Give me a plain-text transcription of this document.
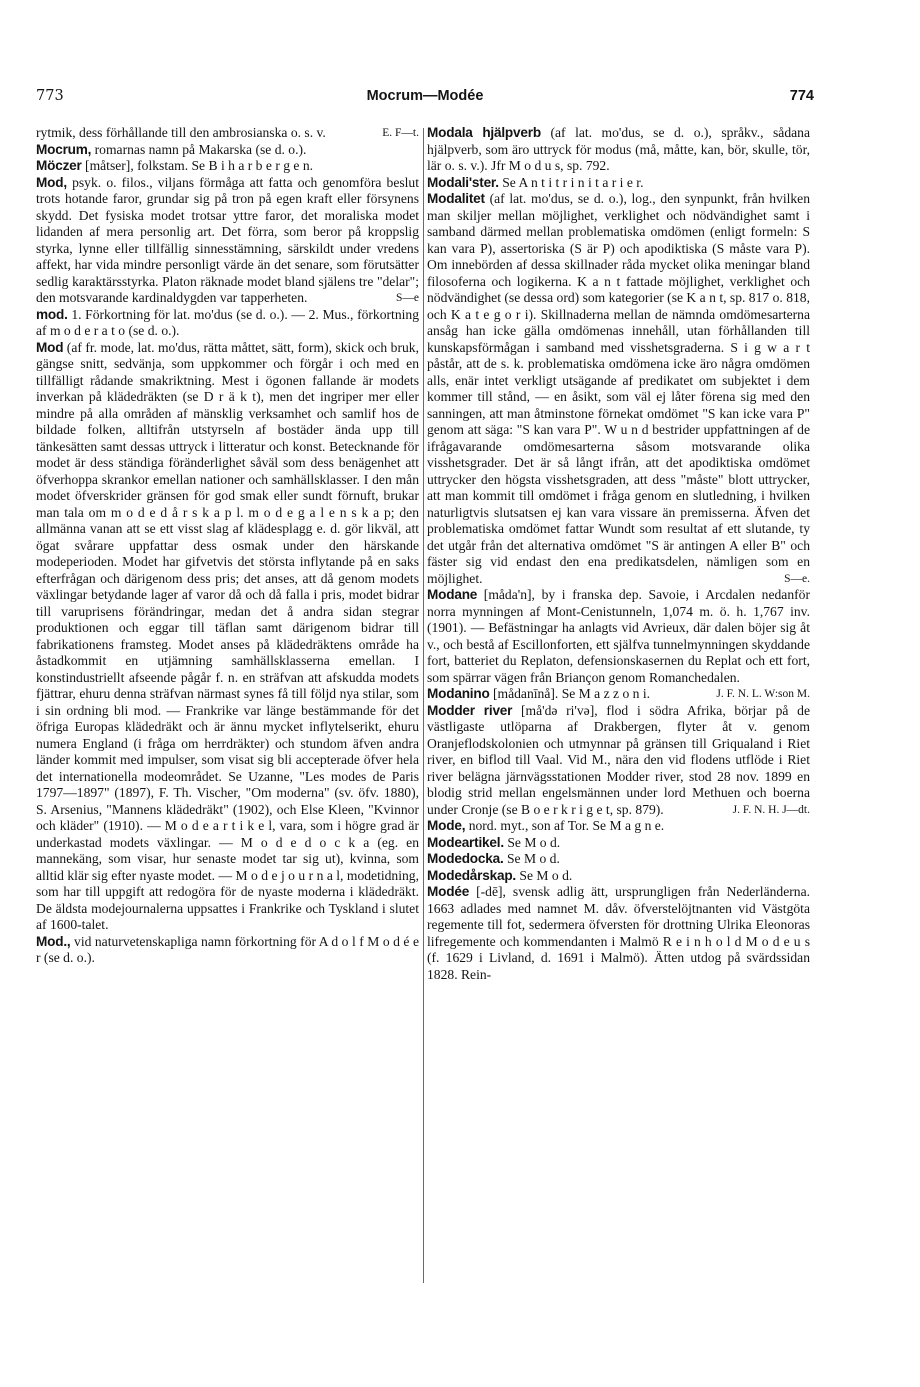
Mocrum—Modée
773	774

E. F—t.
rytmik, dess förhållande till den ambrosianska o. s. v.

Mocrum, romarnas namn på Makarska (se d. o.).

Möczer [måtser], folkstam. Se B i h a r b e r g e n.

Mod, psyk. o. filos., viljans förmåga att fatta och genomföra beslut trots hotande faror, grundar sig på tron på egen kraft eller försynens skydd. Det fysiska modet trotsar yttre faror, det moraliska modet lidanden af mera personlig art. Det förra, som beror på kroppslig styrka, lynne eller tillfällig sinnesstämning, särskildt under vredens affekt, har vida mindre personligt värde än det senare, som förutsätter sedlig karaktärsstyrka. Platon räknade modet bland själens tre "delar"; den motsvarande kardinaldygden var tapperheten.	S—e

mod. 1. Förkortning för lat. mo'dus (se d. o.). — 2. Mus., förkortning af m o d e r a t o (se d. o.).

Mod (af fr. mode, lat. mo'dus, rätta måttet, sätt, form), skick och bruk, gängse snitt, sedvänja, som uppkommer och förgår i och med en tillfälligt rådande smakriktning. Mest i ögonen fallande är modets inverkan på klädedräkten (se D r ä k t), men det ingriper mer eller mindre på alla områden af mänsklig verksamhet och samlif hos de bildade folken, alltifrån utstyrseln af bostäder ända upp till tänkesätten samt dessas uttryck i litteratur och konst. Betecknande för modet är dess ständiga föränderlighet såväl som dess benägenhet att öfverhoppa skrankor emellan nationer och samhällsklasser. I den mån modet öfverskrider gränsen för god smak eller sundt förnuft, brukar man tala om m o d e d å r s k a p l. m o d e g a l e n s k a p; den allmänna vanan att se ett visst slag af klädesplagg e. d. gör likväl, att ögat svårare uppfattar dess osmak under den härskande modeperioden. Modet har gifvetvis det största inflytande på en saks efterfrågan och därigenom dess pris; det anses, att då genom modets växlingar betydande lager af varor då och då falla i pris, modet bidrar till varuprisens förändringar, medan det å andra sidan stegrar produktionen och eggar till täflan samt därigenom bidrar till fabrikationens framsteg. Modet anses på klädedräktens område ha åstadkommit en utjämning samhällsklasserna emellan. I konstindustriellt afseende pågår f. n. en sträfvan att afskudda modets fjättrar, ehuru denna sträfvan närmast synes få till följd nya stilar, som i sin ordning bli mod. — Frankrike var länge bestämmande för det öfriga Europas klädedräkt och är ännu mycket inflytelserikt, ehuru numera England (i fråga om herrdräkter) och stundom äfven andra länder kommit med impulser, som visat sig bli accepterade öfver hela det internationella modeområdet. Se Uzanne, "Les modes de Paris 1797—1897" (1897), F. Th. Vischer, "Om moderna" (sv. öfv. 1880), S. Arsenius, "Mannens klädedräkt" (1902), och Else Kleen, "Kvinnor och kläder" (1910). — M o d e a r t i k e l, vara, som i högre grad är underkastad modets växlingar. — M o d e d o c k a (eg. en mannekäng, som visar, hur senaste modet tar sig ut), kvinna, som alltid klär sig efter nyaste modet. — M o d e j o u r n a l, modetidning, som har till uppgift att redogöra för de nyaste moderna i klädedräkt. De äldsta modejournalerna uppsattes i Frankrike och Tyskland i slutet af 1600-talet.

Mod., vid naturvetenskapliga namn förkortning för A d o l f M o d é e r (se d. o.).

Modala hjälpverb (af lat. mo'dus, se d. o.), språkv., sådana hjälpverb, som äro uttryck för modus (må, måtte, kan, bör, skulle, tör, lär o. s. v.). Jfr M o d u s, sp. 792.

Modali'ster. Se A n t i t r i n i t a r i e r.

Modalitet (af lat. mo'dus, se d. o.), log., den synpunkt, från hvilken man skiljer mellan möjlighet, verklighet och nödvändighet samt i samband därmed mellan problematiska omdömen (enligt formeln: S kan vara P), assertoriska (S är P) och apodiktiska (S måste vara P). Om innebörden af dessa skillnader råda mycket olika meningar bland filosoferna och logikerna. K a n t fattade möjlighet, verklighet och nödvändighet (se dessa ord) som kategorier (se K a n t, sp. 817 o. 818, och K a t e g o r i). Skillnaderna mellan de nämnda omdömesarterna ansåg han icke gälla omdömenas innehåll, utan förhållanden till kunskapsförmågan i samband med visshetsgraderna. S i g w a r t påstår, att de s. k. problematiska omdömena icke äro några omdömen alls, enär intet verkligt utsägande af predikatet om subjektet i dem kommer till stånd, — en åsikt, som väl ej låter förena sig med den sanningen, att man åtminstone förnekat omdömet "S kan icke vara P" genom att säga: "S kan vara P". W u n d bestrider uppfattningen af de ifrågavarande omdömesarterna såsom motsvarande olika visshetsgrader. Det är så långt ifrån, att det apodiktiska omdömet uttrycker den högsta visshetsgraden, att dess "måste" blott uttrycker, att man kommit till omdömet i fråga genom en slutledning, i hvilken naturligtvis slutsatsen ej kan vara vissare än premisserna. Äfven det problematiska omdömet fattar Wundt som resultat af ett slutande, ty det utgår från det alternativa omdömet "S är antingen A eller B" och fäster sig vid endast den ena predikatsdelen, nämligen som en möjlighet.	S—e.

Modane [måda'n], by i franska dep. Savoie, i Arcdalen nedanför norra mynningen af Mont-Cenistunneln, 1,074 m. ö. h. 1,767 inv. (1901). — Befästningar ha anlagts vid Avrieux, där dalen böjer sig åt v., och bestå af Escillonforten, ett själfva tunnelmynningen skyddande fort, batteriet du Replaton, defensionskasernen du Replat och ett fort, som spärrar vägen från Briançon genom Romanchedalen.
J. F. N. L. W:son M.

Modanino [mådanīnå]. Se M a z z o n i.

Modder river [må'də ri'və], flod i södra Afrika, börjar på de västligaste utlöparna af Drakbergen, flyter åt v. genom Oranjeflodskolonien och utmynnar på gränsen till Griqualand i Riet river, en biflod till Vaal. Vid M., nära den vid flodens utflöde i Riet river belägna järnvägsstationen Modder river, stod 28 nov. 1899 en blodig strid mellan engelsmännen under lord Methuen och boerna under Cronje (se B o e r k r i g e t, sp. 879).	J. F. N. H. J—dt.

Mode, nord. myt., son af Tor. Se M a g n e.

Modeartikel. Se M o d.

Modedocka. Se M o d.

Modedårskap. Se M o d.

Modée [-dē], svensk adlig ätt, ursprungligen från Nederländerna. 1663 adlades med namnet M. dåv. öfverstelöjtnanten vid Västgöta regemente till fot, sedermera öfversten för drottning Ulrika Eleonoras lifregemente och kommendanten i Malmö R e i n h o l d M o d e u s (f. 1629 i Livland, d. 1691 i Malmö). Ätten utdog på svärdssidan 1828. Rein-
